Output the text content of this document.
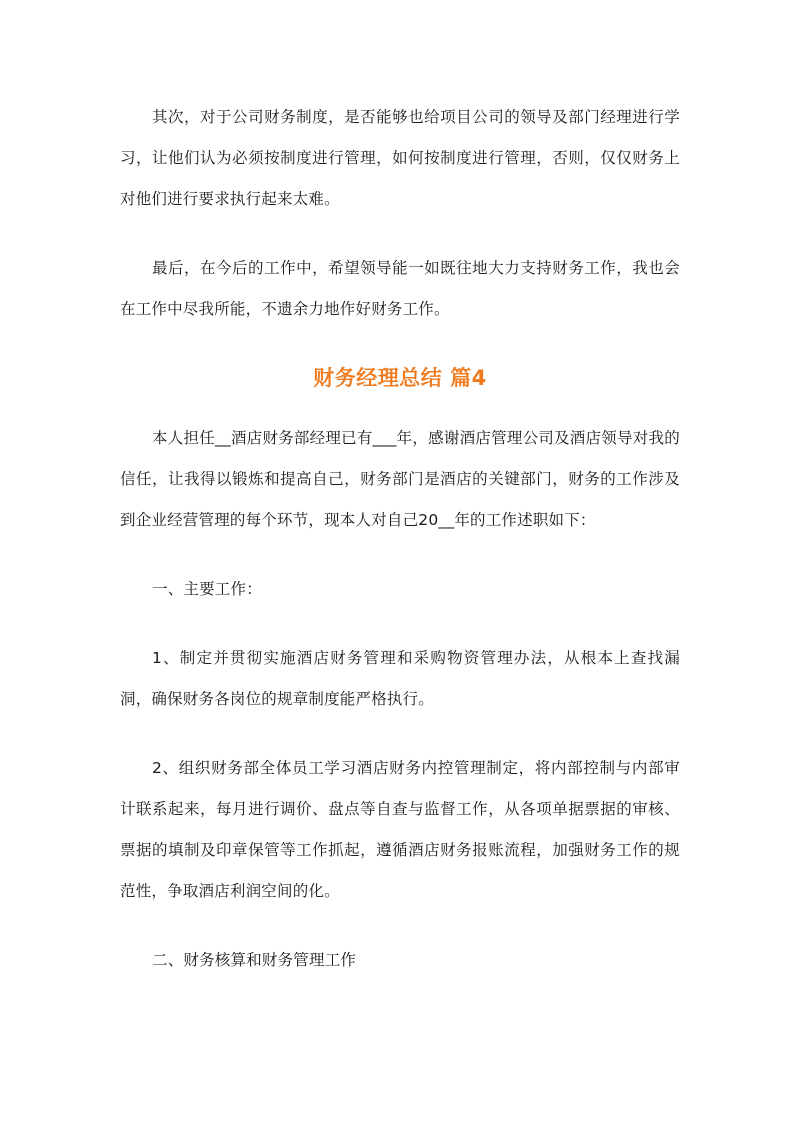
其次，对于公司财务制度，是否能够也给项目公司的领导及部门经理进行学习，让他们认为必须按制度进行管理，如何按制度进行管理，否则，仅仅财务上对他们进行要求执行起来太难。

最后，在今后的工作中，希望领导能一如既往地大力支持财务工作，我也会在工作中尽我所能，不遗余力地作好财务工作。

财务经理总结 篇4

本人担任__酒店财务部经理已有___年，感谢酒店管理公司及酒店领导对我的信任，让我得以锻炼和提高自己，财务部门是酒店的关键部门，财务的工作涉及到企业经营管理的每个环节，现本人对自己20__年的工作述职如下：

一、主要工作：

1、制定并贯彻实施酒店财务管理和采购物资管理办法，从根本上查找漏洞，确保财务各岗位的规章制度能严格执行。

2、组织财务部全体员工学习酒店财务内控管理制定，将内部控制与内部审计联系起来，每月进行调价、盘点等自查与监督工作，从各项单据票据的审核、票据的填制及印章保管等工作抓起，遵循酒店财务报账流程，加强财务工作的规范性，争取酒店利润空间的化。

二、财务核算和财务管理工作
